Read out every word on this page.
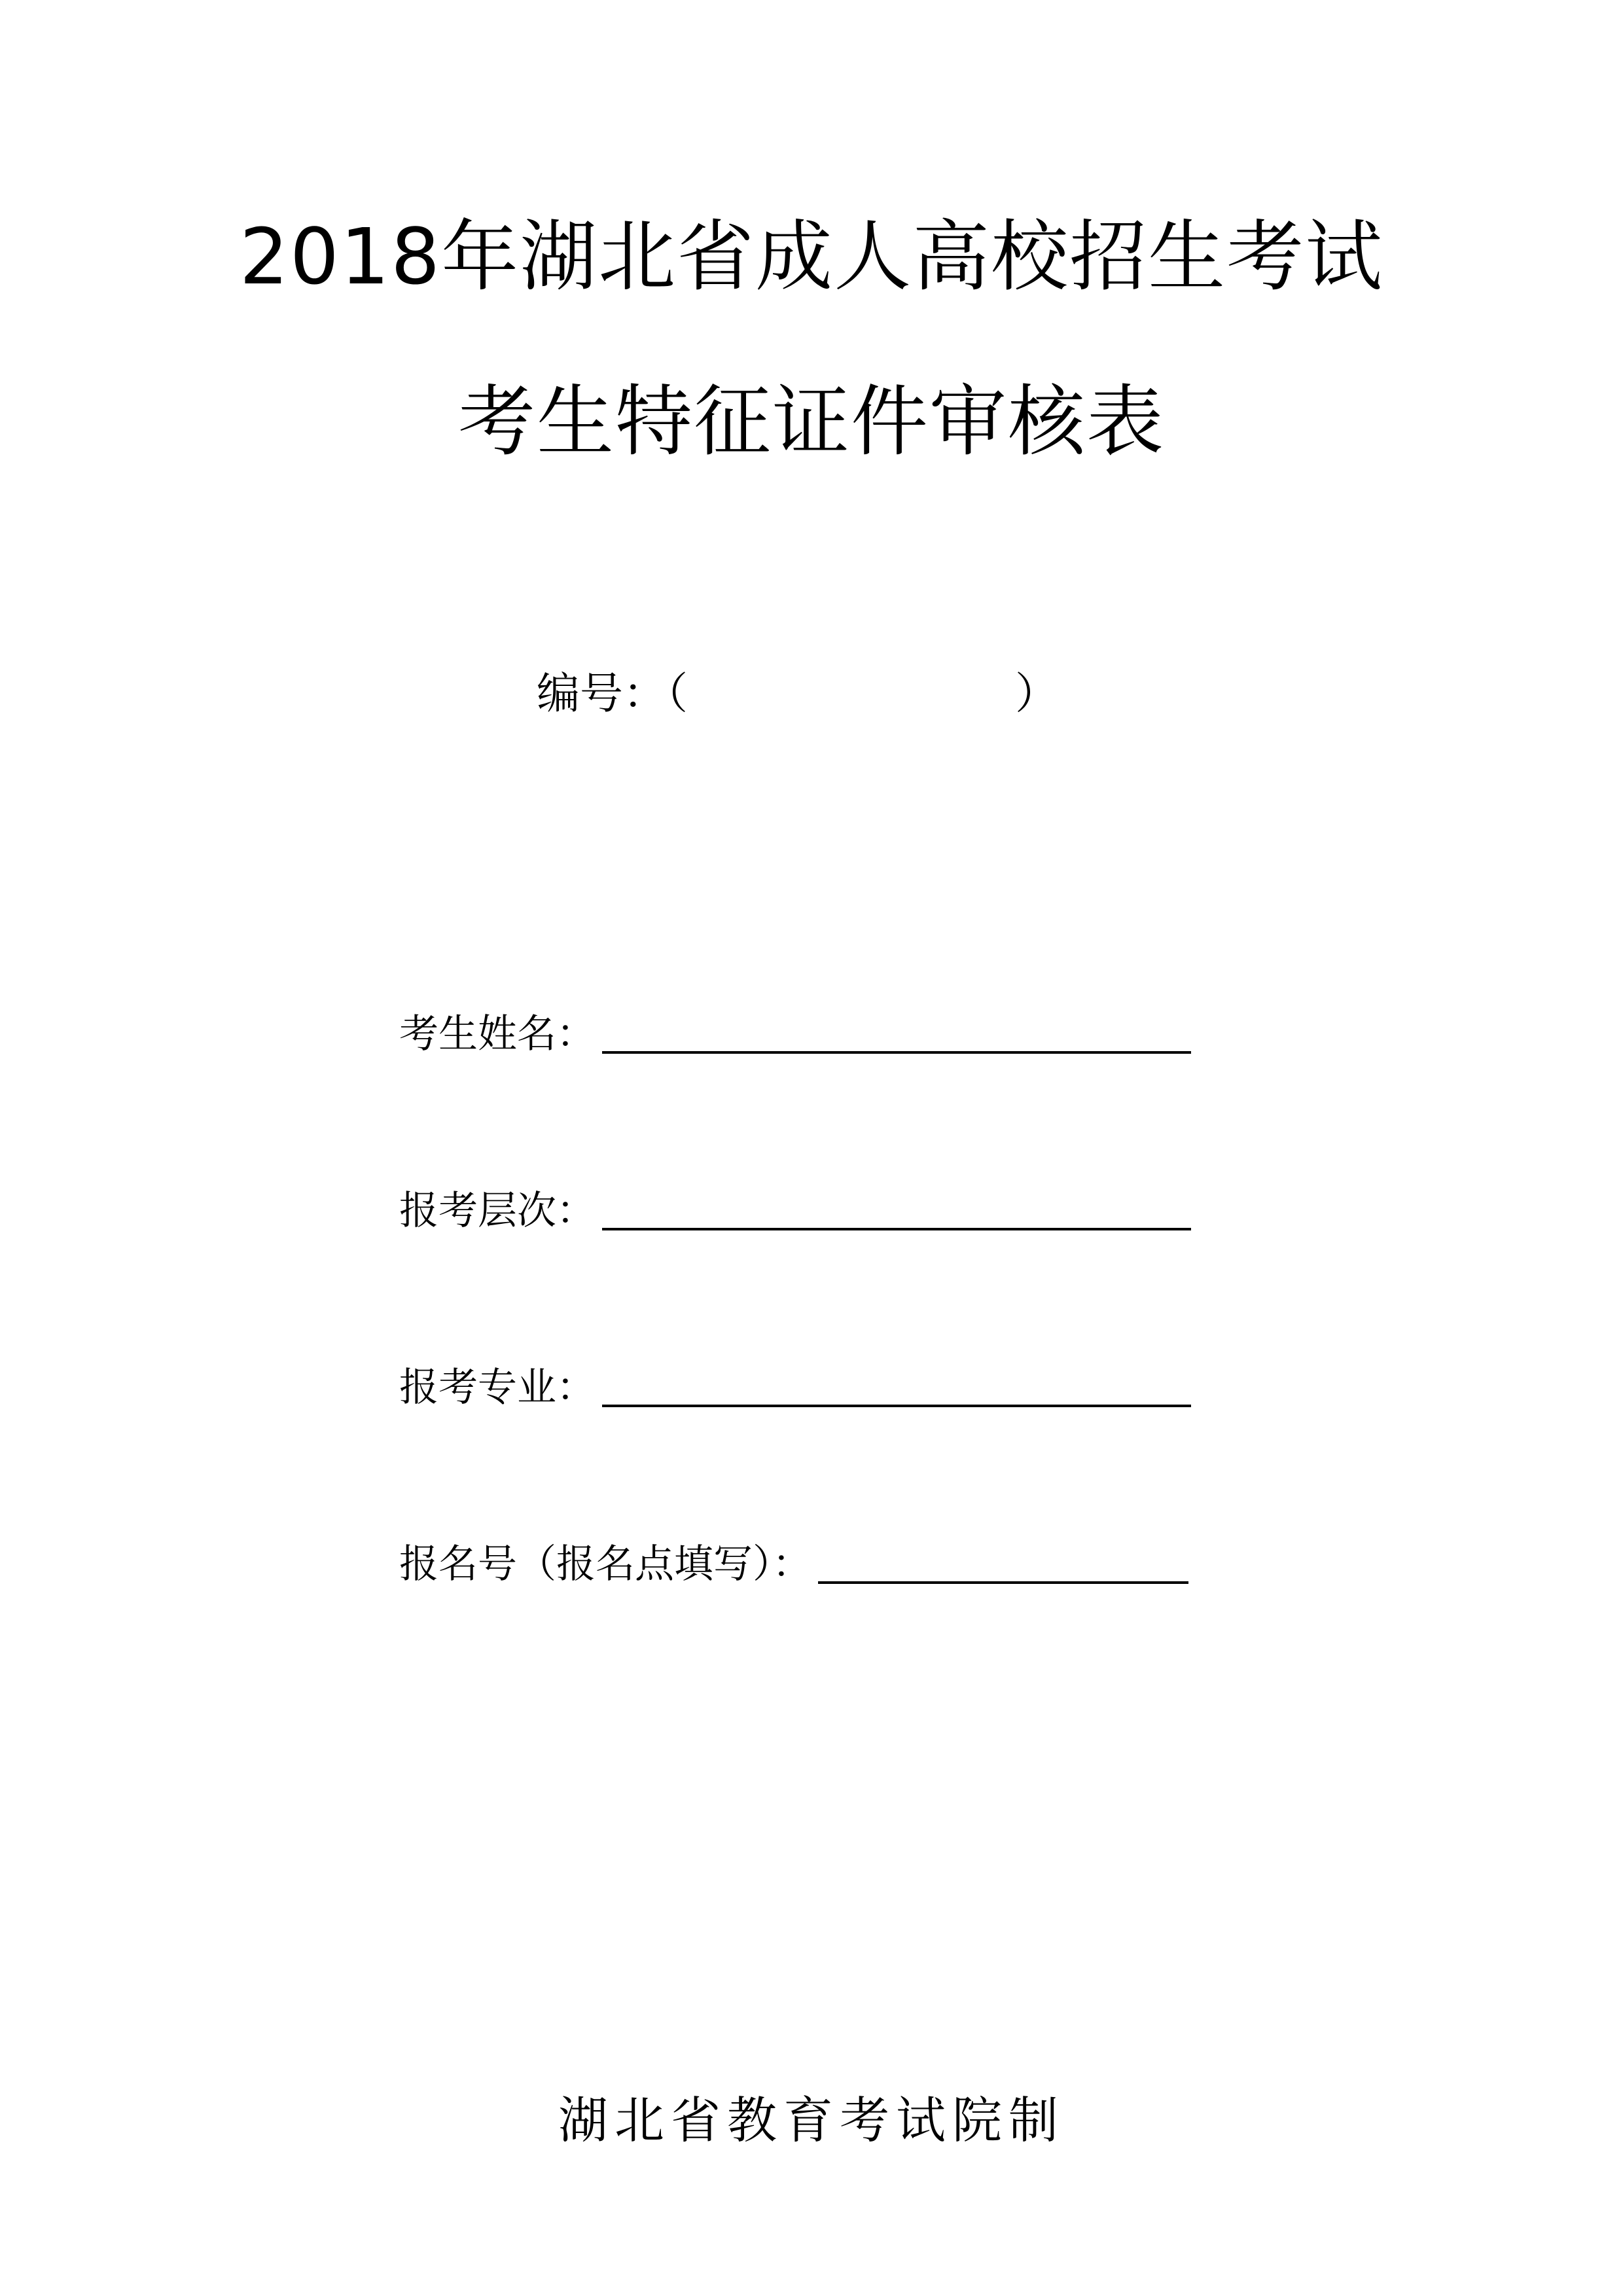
2018年湖北省成人高校招生考试
考生特征证件审核表
编号：（	）
考生姓名：
报考层次：
报考专业：
报名号（报名点填写）：
湖北省教育考试院制
